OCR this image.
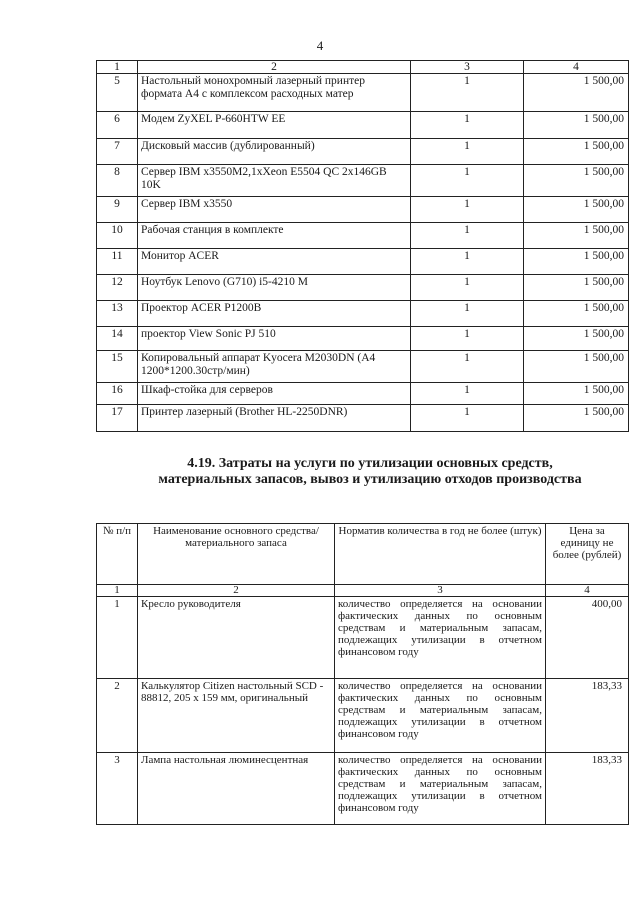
4
1	2	3	4
5	Настольный монохромный лазерный принтер формата А4 с комплексом расходных матер	1	1 500,00
6	Модем ZyXEL P-660HTW EE	1	1 500,00
7	Дисковый массив (дублированный)	1	1 500,00
8	Сервер IBM x3550M2,1xXeon E5504 QC 2x146GB 10K	1	1 500,00
9	Сервер IBM x3550	1	1 500,00
10	Рабочая станция в комплекте	1	1 500,00
11	Монитор ACER	1	1 500,00
12	Ноутбук Lenovo (G710) i5-4210 M	1	1 500,00
13	Проектор ACER P1200B	1	1 500,00
14	проектор View Sonic PJ 510	1	1 500,00
15	Копировальный аппарат Kyocera M2030DN (A4 1200*1200.30стр/мин)	1	1 500,00
16	Шкаф-стойка для серверов	1	1 500,00
17	Принтер лазерный (Brother HL-2250DNR)	1	1 500,00
4.19. Затраты на услуги по утилизации основных средств, материальных запасов, вывоз и утилизацию отходов производства
№ п/п	Наименование основного средства/ материального запаса	Норматив количества в год не более (штук)	Цена за единицу не более (рублей)
1	2	3	4
1	Кресло руководителя	количество определяется на основании фактических данных по основным средствам и материальным запасам, подлежащих утилизации в отчетном финансовом году	400,00
2	Калькулятор Citizen настольный SCD - 88812, 205 х 159 мм, оригинальный	количество определяется на основании фактических данных по основным средствам и материальным запасам, подлежащих утилизации в отчетном финансовом году	183,33
3	Лампа настольная люминесцентная	количество определяется на основании фактических данных по основным средствам и материальным запасам, подлежащих утилизации в отчетном финансовом году	183,33
